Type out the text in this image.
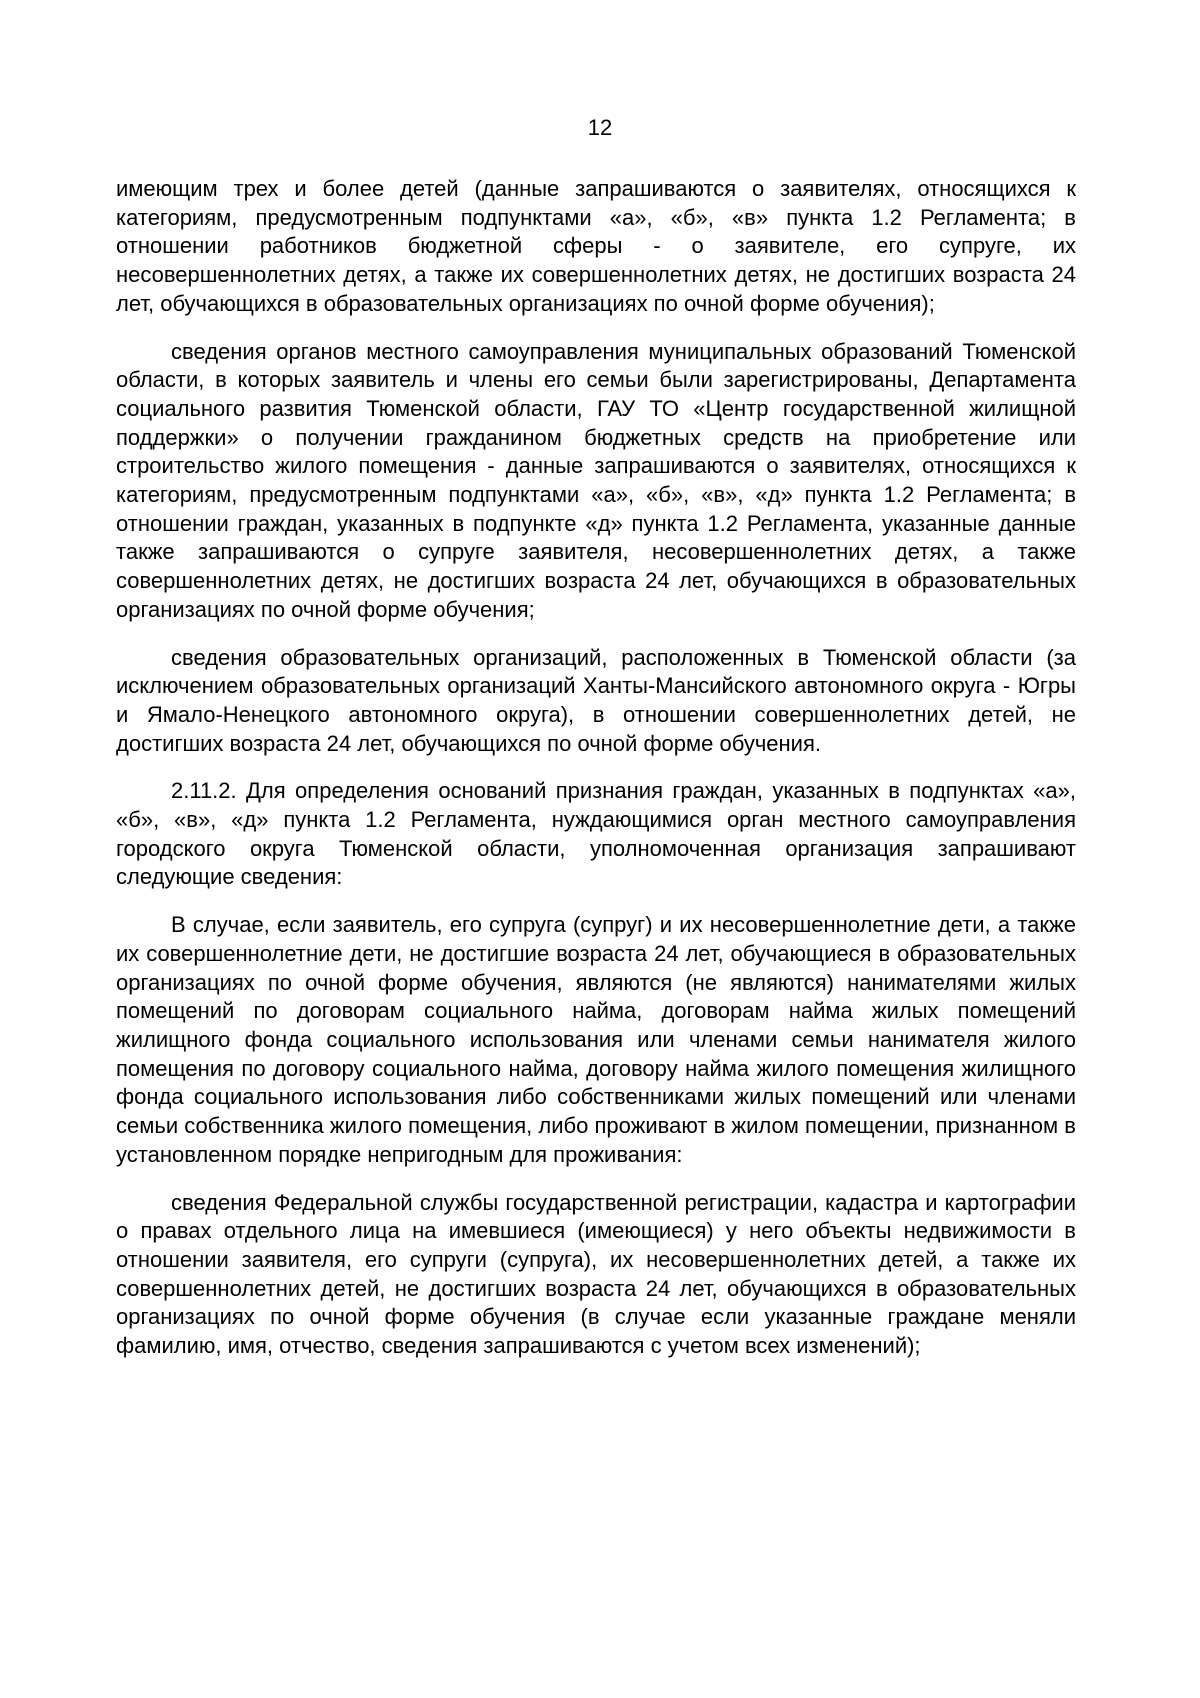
12

имеющим трех и более детей (данные запрашиваются о заявителях, относящихся к категориям, предусмотренным подпунктами «а», «б», «в» пункта 1.2 Регламента; в отношении работников бюджетной сферы - о заявителе, его супруге, их несовершеннолетних детях, а также их совершеннолетних детях, не достигших возраста 24 лет, обучающихся в образовательных организациях по очной форме обучения);

сведения органов местного самоуправления муниципальных образований Тюменской области, в которых заявитель и члены его семьи были зарегистрированы, Департамента социального развития Тюменской области, ГАУ ТО «Центр государственной жилищной поддержки» о получении гражданином бюджетных средств на приобретение или строительство жилого помещения - данные запрашиваются о заявителях, относящихся к категориям, предусмотренным подпунктами «а», «б», «в», «д» пункта 1.2 Регламента; в отношении граждан, указанных в подпункте «д» пункта 1.2 Регламента, указанные данные также запрашиваются о супруге заявителя, несовершеннолетних детях, а также совершеннолетних детях, не достигших возраста 24 лет, обучающихся в образовательных организациях по очной форме обучения;

сведения образовательных организаций, расположенных в Тюменской области (за исключением образовательных организаций Ханты-Мансийского автономного округа - Югры и Ямало-Ненецкого автономного округа), в отношении совершеннолетних детей, не достигших возраста 24 лет, обучающихся по очной форме обучения.

2.11.2. Для определения оснований признания граждан, указанных в подпунктах «а», «б», «в», «д» пункта 1.2 Регламента, нуждающимися орган местного самоуправления городского округа Тюменской области, уполномоченная организация запрашивают следующие сведения:

В случае, если заявитель, его супруга (супруг) и их несовершеннолетние дети, а также их совершеннолетние дети, не достигшие возраста 24 лет, обучающиеся в образовательных организациях по очной форме обучения, являются (не являются) нанимателями жилых помещений по договорам социального найма, договорам найма жилых помещений жилищного фонда социального использования или членами семьи нанимателя жилого помещения по договору социального найма, договору найма жилого помещения жилищного фонда социального использования либо собственниками жилых помещений или членами семьи собственника жилого помещения, либо проживают в жилом помещении, признанном в установленном порядке непригодным для проживания:

сведения Федеральной службы государственной регистрации, кадастра и картографии о правах отдельного лица на имевшиеся (имеющиеся) у него объекты недвижимости в отношении заявителя, его супруги (супруга), их несовершеннолетних детей, а также их совершеннолетних детей, не достигших возраста 24 лет, обучающихся в образовательных организациях по очной форме обучения (в случае если указанные граждане меняли фамилию, имя, отчество, сведения запрашиваются с учетом всех изменений);
